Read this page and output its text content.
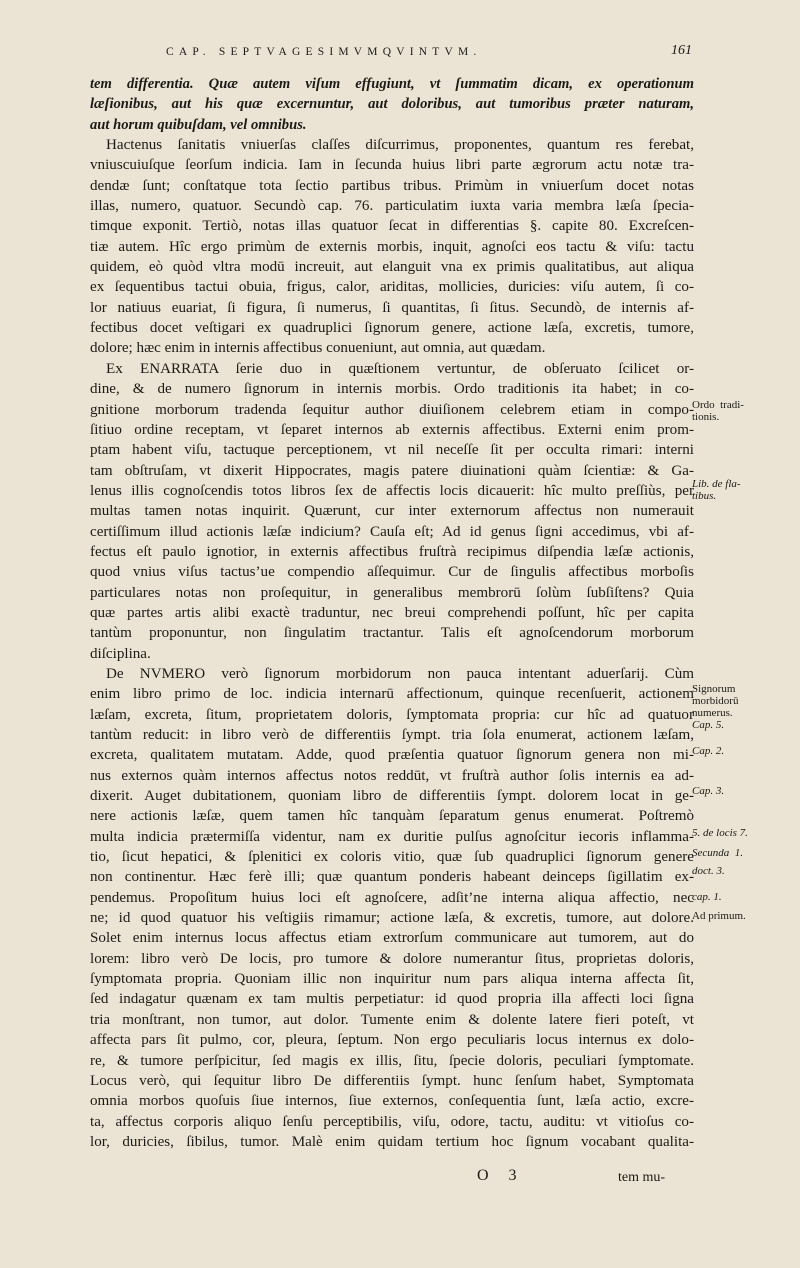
CAP. SEPTVAGESIMVMQVINTVM.	161
tem differentia. Quæ autem viſum effugiunt, vt ſummatim dicam, ex operationum
læſionibus, aut his quæ excernuntur, aut doloribus, aut tumoribus præter naturam,
aut horum quibuſdam, vel omnibus.
Hactenus ſanitatis vniuerſas claſſes diſcurrimus, proponentes, quantum res ferebat,
vniuscuiuſque ſeorſum indicia. Iam in ſecunda huius libri parte ægrorum actu notæ tra-
dendæ ſunt; conſtatque tota ſectio partibus tribus. Primùm in vniuerſum docet notas
illas, numero, quatuor. Secundò cap. 76. particulatim iuxta varia membra læſa ſpecia-
timque exponit. Tertiò, notas illas quatuor ſecat in differentias §. capite 80. Excreſcen-
tiæ autem. Hîc ergo primùm de externis morbis, inquit, agnoſci eos tactu & viſu: tactu
quidem, eò quòd vltra modū increuit, aut elanguit vna ex primis qualitatibus, aut aliqua
ex ſequentibus tactui obuia, frigus, calor, ariditas, mollicies, duricies: viſu autem, ſi co-
lor natiuus euariat, ſi figura, ſi numerus, ſi quantitas, ſi ſitus. Secundò, de internis af-
fectibus docet veſtigari ex quadruplici ſignorum genere, actione læſa, excretis, tumore,
dolore; hæc enim in internis affectibus conueniunt, aut omnia, aut quædam.
Ex ENARRATA ſerie duo in quæſtionem vertuntur, de obſeruato ſcilicet or-
dine, & de numero ſignorum in internis morbis. Ordo traditionis ita habet; in co-
gnitione morborum tradenda ſequitur author diuiſionem celebrem etiam in compo-
ſitiuo ordine receptam, vt ſeparet internos ab externis affectibus. Externi enim prom-
ptam habent viſu, tactuque perceptionem, vt nil neceſſe ſit per occulta rimari: interni
tam obſtruſam, vt dixerit Hippocrates, magis patere diuinationi quàm ſcientiæ: & Ga-
lenus illis cognoſcendis totos libros ſex de affectis locis dicauerit: hîc multo preſſiùs, per
multas tamen notas inquirit. Quærunt, cur inter externorum affectus non numerauit
certiſſimum illud actionis læſæ indicium? Cauſa eſt; Ad id genus ſigni accedimus, vbi af-
fectus eſt paulo ignotior, in externis affectibus fruſtrà recipimus diſpendia læſæ actionis,
quod vnius viſus tactus’ue compendio aſſequimur. Cur de ſingulis affectibus morboſis
particulares notas non proſequitur, in generalibus membrorū ſolùm ſubſiſtens? Quia
quæ partes artis alibi exactè traduntur, nec breui comprehendi poſſunt, hîc per capita
tantùm proponuntur, non ſingulatim tractantur. Talis eſt agnoſcendorum morborum
diſciplina.
De NVMERO verò ſignorum morbidorum non pauca intentant aduerſarij. Cùm
enim libro primo de loc. indicia internarū affectionum, quinque recenſuerit, actionem
læſam, excreta, ſitum, proprietatem doloris, ſymptomata propria: cur hîc ad quatuor
tantùm reducit: in libro verò de differentiis ſympt. tria ſola enumerat, actionem læſam,
excreta, qualitatem mutatam. Adde, quod præſentia quatuor ſignorum genera non mi-
nus externos quàm internos affectus notos reddūt, vt fruſtrà author ſolis internis ea ad-
dixerit. Auget dubitationem, quoniam libro de differentiis ſympt. dolorem locat in ge-
nere actionis læſæ, quem tamen hîc tanquàm ſeparatum genus enumerat. Poſtremò
multa indicia prætermiſſa videntur, nam ex duritie pulſus agnoſcitur iecoris inflamma-
tio, ſicut hepatici, & ſplenitici ex coloris vitio, quæ ſub quadruplici ſignorum genere
non continentur. Hæc ferè illi; quæ quantum ponderis habeant deinceps ſigillatim ex-
pendemus. Propoſitum huius loci eſt agnoſcere, adſit’ne interna aliqua affectio, nec
ne; id quod quatuor his veſtigiis rimamur; actione læſa, & excretis, tumore, aut dolore.
Solet enim internus locus affectus etiam extrorſum communicare aut tumorem, aut do
lorem: libro verò De locis, pro tumore & dolore numerantur ſitus, proprietas doloris,
ſymptomata propria. Quoniam illic non inquiritur num pars aliqua interna affecta ſit,
ſed indagatur quænam ex tam multis perpetiatur: id quod propria illa affecti loci ſigna
tria monſtrant, non tumor, aut dolor. Tumente enim & dolente latere fieri poteſt, vt
affecta pars ſit pulmo, cor, pleura, ſeptum. Non ergo peculiaris locus internus ex dolo-
re, & tumore perſpicitur, ſed magis ex illis, ſitu, ſpecie doloris, peculiari ſymptomate.
Locus verò, qui ſequitur libro De differentiis ſympt. hunc ſenſum habet, Symptomata
omnia morbos quoſuis ſiue internos, ſiue externos, conſequentia ſunt, læſa actio, excre-
ta, affectus corporis aliquo ſenſu perceptibilis, viſu, odore, tactu, auditu: vt vitioſus co-
lor, duricies, ſibilus, tumor. Malè enim quidam tertium hoc ſignum vocabant qualita-
Ordo  tradi-
tionis.
Lib. de fla-
tibus.
Signorum
morbidorū
numerus.
Cap. 5.
Cap. 2.
Cap. 3.
5. de locis 7.
Secunda  1.
doct. 3.
cap. 1.
Ad primum.
O 3	tem mu-
